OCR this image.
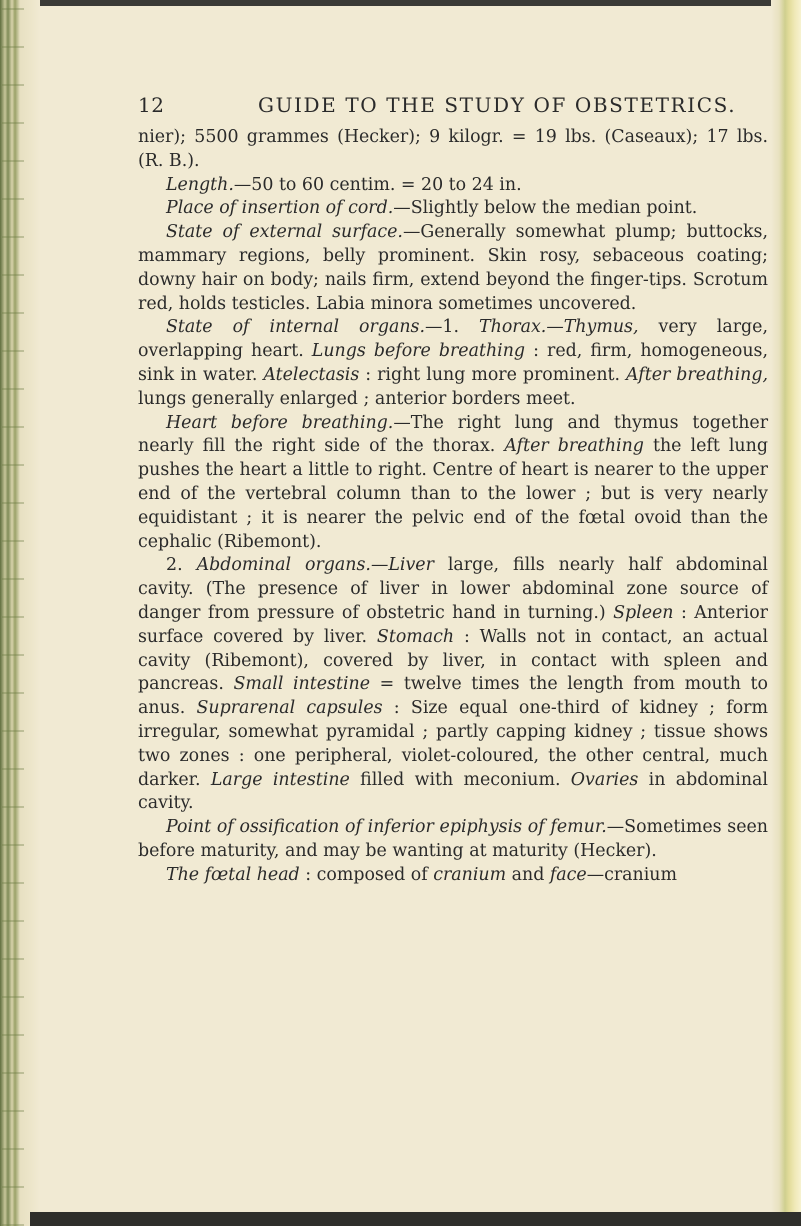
12	GUIDE TO THE STUDY OF OBSTETRICS.

nier); 5500 grammes (Hecker); 9 kilogr. = 19 lbs. (Caseaux); 17 lbs. (R. B.).

Length.—50 to 60 centim. = 20 to 24 in.

Place of insertion of cord.—Slightly below the median point.

State of external surface.—Generally somewhat plump; buttocks, mammary regions, belly prominent. Skin rosy, sebaceous coating; downy hair on body; nails firm, extend beyond the finger-tips. Scrotum red, holds testicles. Labia minora sometimes uncovered.

State of internal organs.—1. Thorax.—Thymus, very large, overlapping heart. Lungs before breathing : red, firm, homogeneous, sink in water. Atelectasis : right lung more prominent. After breathing, lungs generally enlarged ; anterior borders meet.

Heart before breathing.—The right lung and thymus together nearly fill the right side of the thorax. After breathing the left lung pushes the heart a little to right. Centre of heart is nearer to the upper end of the vertebral column than to the lower ; but is very nearly equidistant ; it is nearer the pelvic end of the fœtal ovoid than the cephalic (Ribemont).

2. Abdominal organs.—Liver large, fills nearly half abdominal cavity. (The presence of liver in lower abdominal zone source of danger from pressure of obstetric hand in turning.) Spleen : Anterior surface covered by liver. Stomach : Walls not in contact, an actual cavity (Ribemont), covered by liver, in contact with spleen and pancreas. Small intestine = twelve times the length from mouth to anus. Suprarenal capsules : Size equal one-third of kidney ; form irregular, somewhat pyramidal ; partly capping kidney ; tissue shows two zones : one peripheral, violet-coloured, the other central, much darker. Large intestine filled with meconium. Ovaries in abdominal cavity.

Point of ossification of inferior epiphysis of femur.—Sometimes seen before maturity, and may be wanting at maturity (Hecker).

The fœtal head : composed of cranium and face—cranium
